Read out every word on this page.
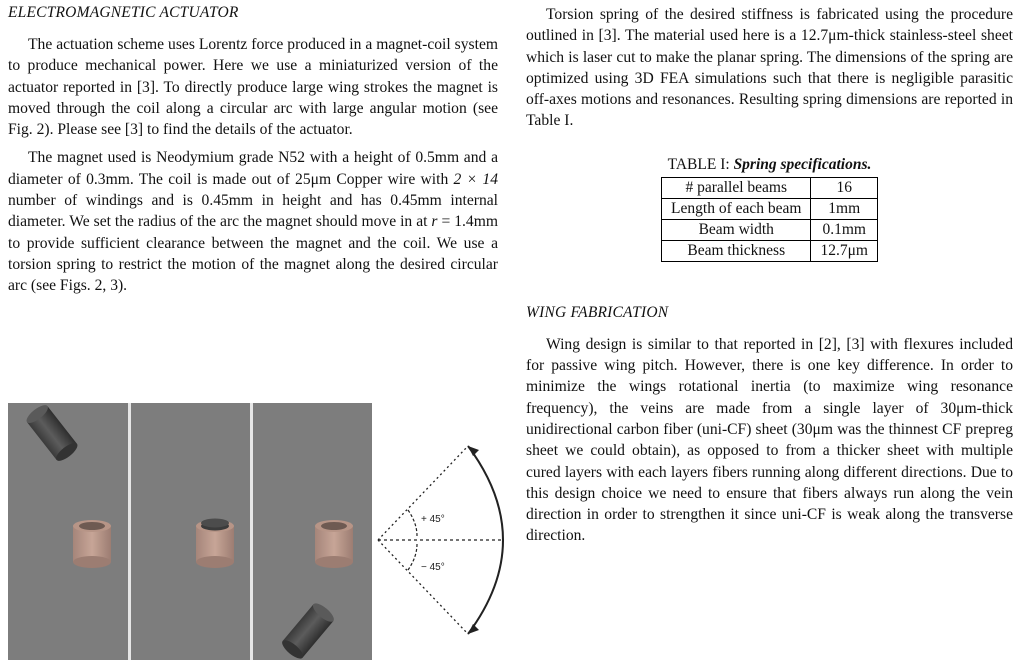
ELECTROMAGNETIC ACTUATOR

The actuation scheme uses Lorentz force produced in a magnet-coil system to produce mechanical power. Here we use a miniaturized version of the actuator reported in [3]. To directly produce large wing strokes the magnet is moved through the coil along a circular arc with large angular motion (see Fig. 2). Please see [3] to find the details of the actuator.

The magnet used is Neodymium grade N52 with a height of 0.5mm and a diameter of 0.3mm. The coil is made out of 25μm Copper wire with 2 × 14 number of windings and is 0.45mm in height and has 0.45mm internal diameter. We set the radius of the arc the magnet should move in at r = 1.4mm to provide sufficient clearance between the magnet and the coil. We use a torsion spring to restrict the motion of the magnet along the desired circular arc (see Figs. 2, 3).

+ 45°
− 45°

Torsion spring of the desired stiffness is fabricated using the procedure outlined in [3]. The material used here is a 12.7μm-thick stainless-steel sheet which is laser cut to make the planar spring. The dimensions of the spring are optimized using 3D FEA simulations such that there is negligible parasitic off-axes motions and resonances. Resulting spring dimensions are reported in Table I.

TABLE I: Spring specifications.
# parallel beams	16
Length of each beam	1mm
Beam width	0.1mm
Beam thickness	12.7μm
WING FABRICATION

Wing design is similar to that reported in [2], [3] with flexures included for passive wing pitch. However, there is one key difference. In order to minimize the wings rotational inertia (to maximize wing resonance frequency), the veins are made from a single layer of 30μm-thick unidirectional carbon fiber (uni-CF) sheet (30μm was the thinnest CF prepreg sheet we could obtain), as opposed to from a thicker sheet with multiple cured layers with each layers fibers running along different directions. Due to this design choice we need to ensure that fibers always run along the vein direction in order to strengthen it since uni-CF is weak along the transverse direction.
